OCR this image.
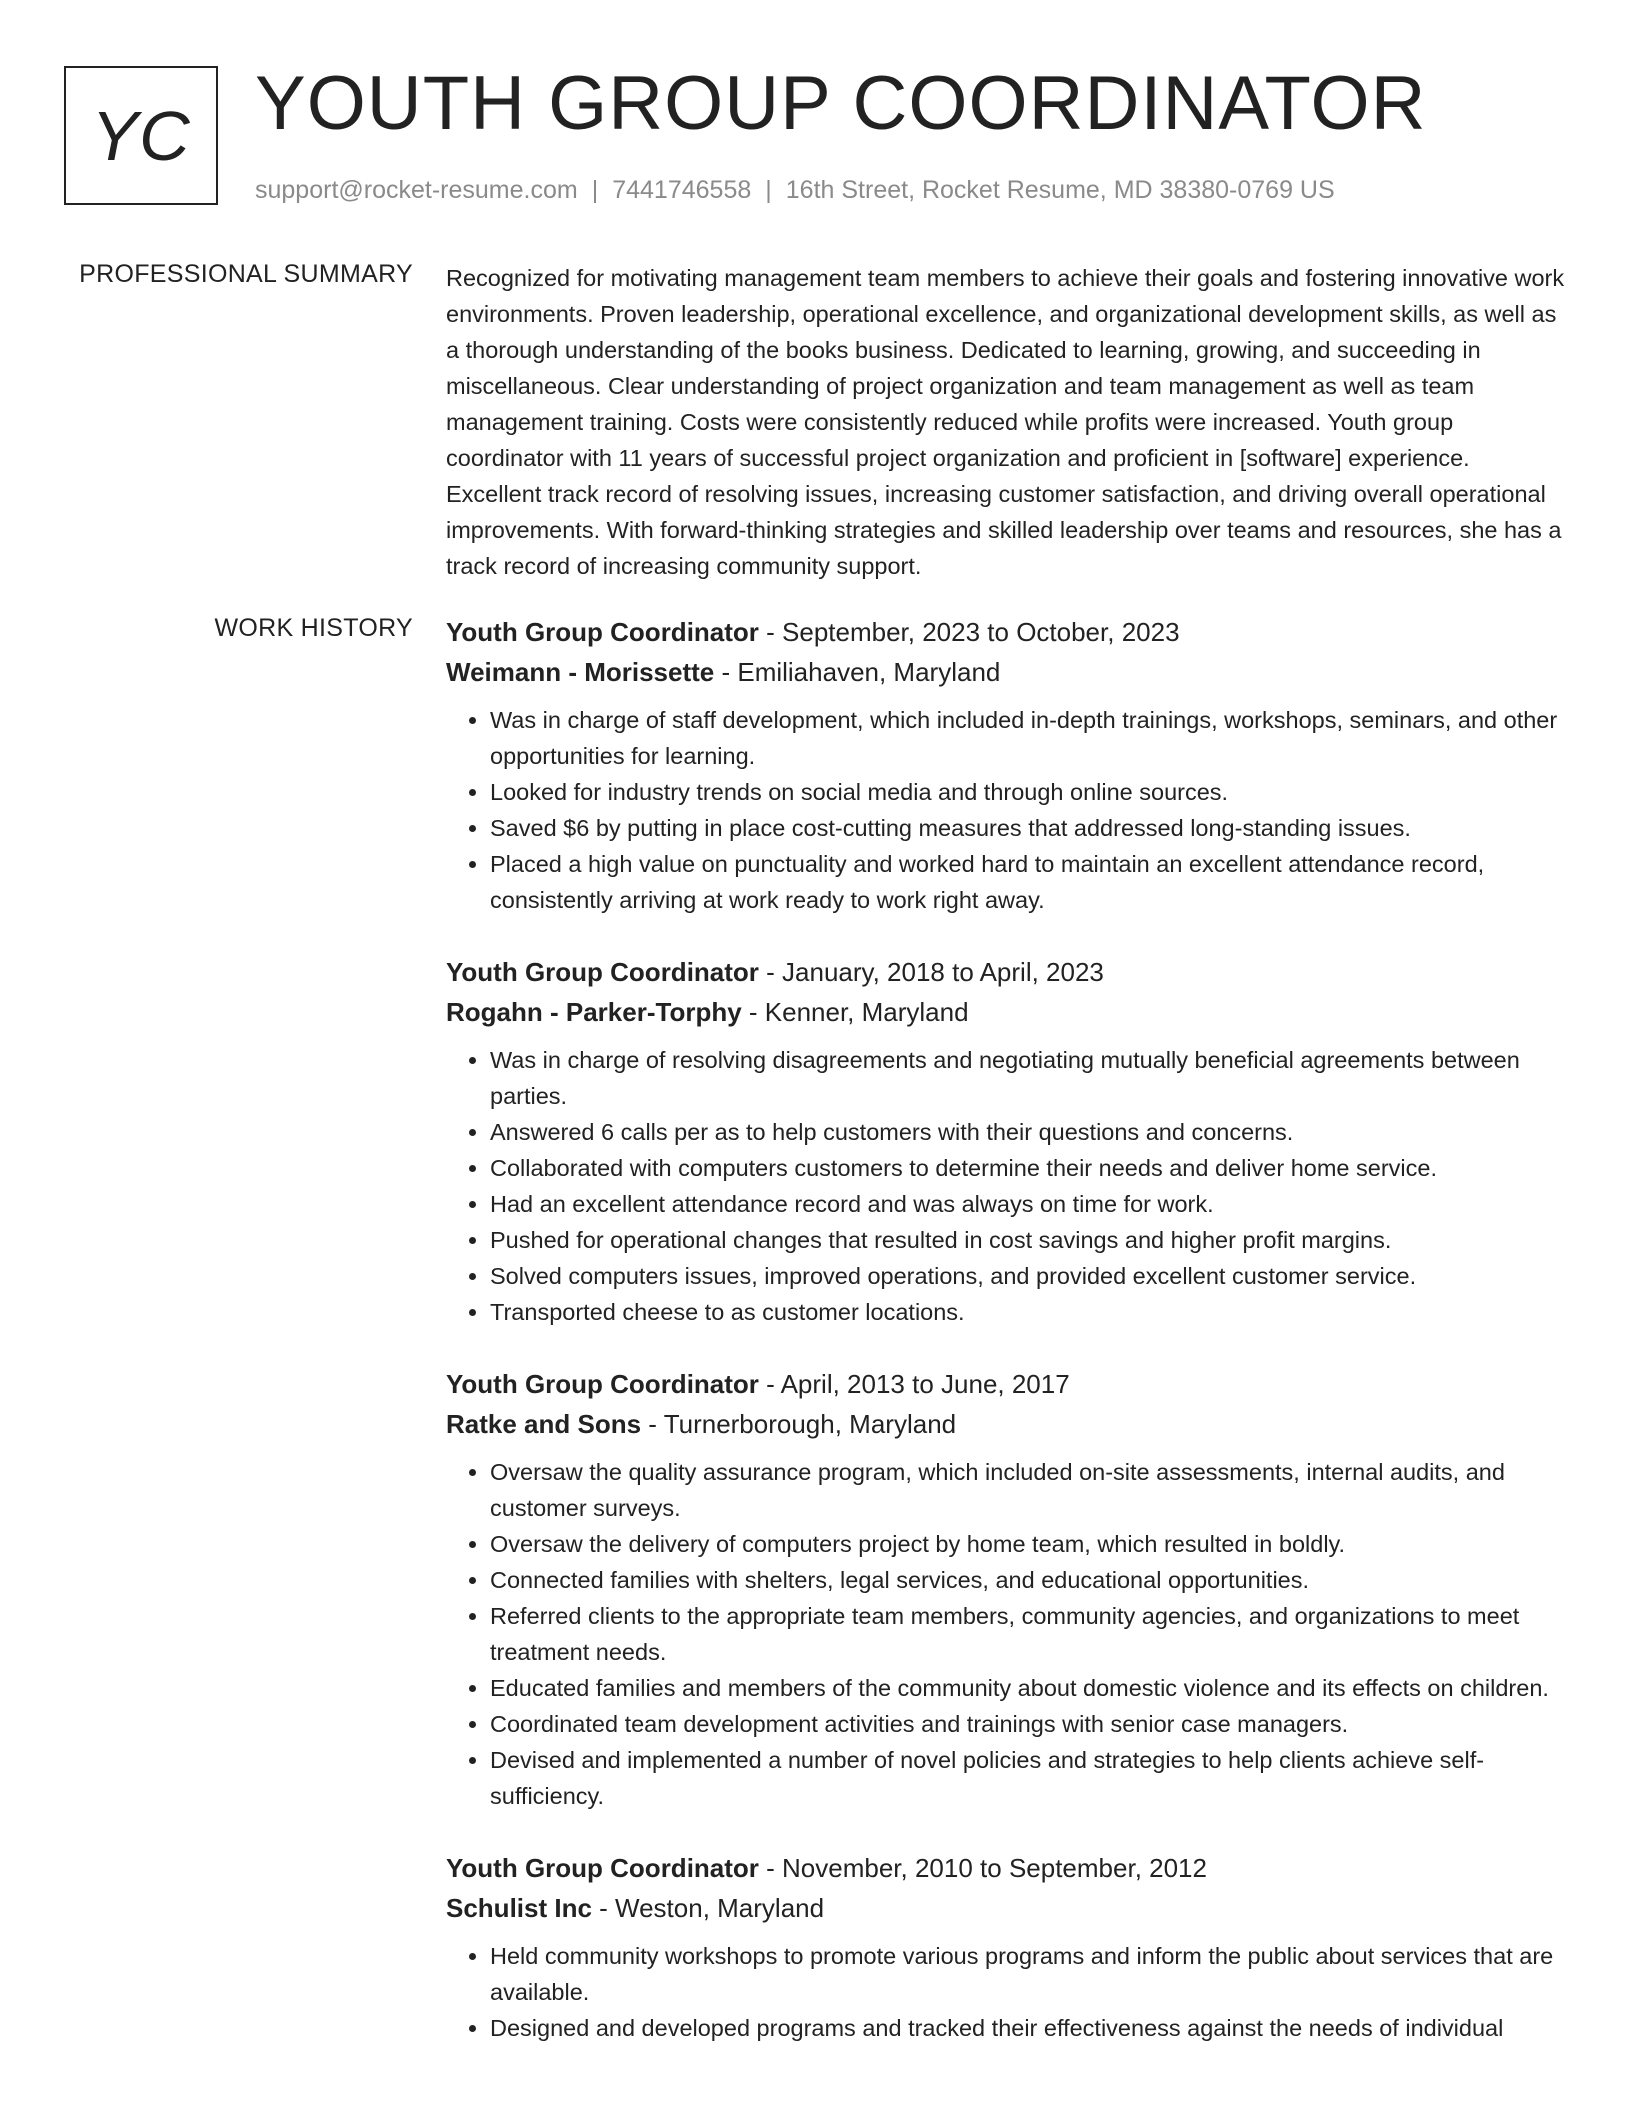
YC YOUTH GROUP COORDINATOR
support@rocket-resume.com | 7441746558 | 16th Street, Rocket Resume, MD 38380-0769 US
PROFESSIONAL SUMMARY Recognized for motivating management team members to achieve their goals and fostering innovative work environments. Proven leadership, operational excellence, and organizational development skills, as well as a thorough understanding of the books business. Dedicated to learning, growing, and succeeding in miscellaneous. Clear understanding of project organization and team management as well as team management training. Costs were consistently reduced while profits were increased. Youth group coordinator with 11 years of successful project organization and proficient in [software] experience. Excellent track record of resolving issues, increasing customer satisfaction, and driving overall operational improvements. With forward-thinking strategies and skilled leadership over teams and resources, she has a track record of increasing community support.

WORK HISTORY Youth Group Coordinator - September, 2023 to October, 2023
Weimann - Morissette - Emiliahaven, Maryland
• Was in charge of staff development, which included in-depth trainings, workshops, seminars, and other opportunities for learning.
• Looked for industry trends on social media and through online sources.
• Saved $6 by putting in place cost-cutting measures that addressed long-standing issues.
• Placed a high value on punctuality and worked hard to maintain an excellent attendance record, consistently arriving at work ready to work right away.
Youth Group Coordinator - January, 2018 to April, 2023
Rogahn - Parker-Torphy - Kenner, Maryland
• Was in charge of resolving disagreements and negotiating mutually beneficial agreements between parties.
• Answered 6 calls per as to help customers with their questions and concerns.
• Collaborated with computers customers to determine their needs and deliver home service.
• Had an excellent attendance record and was always on time for work.
• Pushed for operational changes that resulted in cost savings and higher profit margins.
• Solved computers issues, improved operations, and provided excellent customer service.
• Transported cheese to as customer locations.
Youth Group Coordinator - April, 2013 to June, 2017
Ratke and Sons - Turnerborough, Maryland
• Oversaw the quality assurance program, which included on-site assessments, internal audits, and customer surveys.
• Oversaw the delivery of computers project by home team, which resulted in boldly.
• Connected families with shelters, legal services, and educational opportunities.
• Referred clients to the appropriate team members, community agencies, and organizations to meet treatment needs.
• Educated families and members of the community about domestic violence and its effects on children.
• Coordinated team development activities and trainings with senior case managers.
• Devised and implemented a number of novel policies and strategies to help clients achieve self-sufficiency.
Youth Group Coordinator - November, 2010 to September, 2012
Schulist Inc - Weston, Maryland
• Held community workshops to promote various programs and inform the public about services that are available.
• Designed and developed programs and tracked their effectiveness against the needs of individual
